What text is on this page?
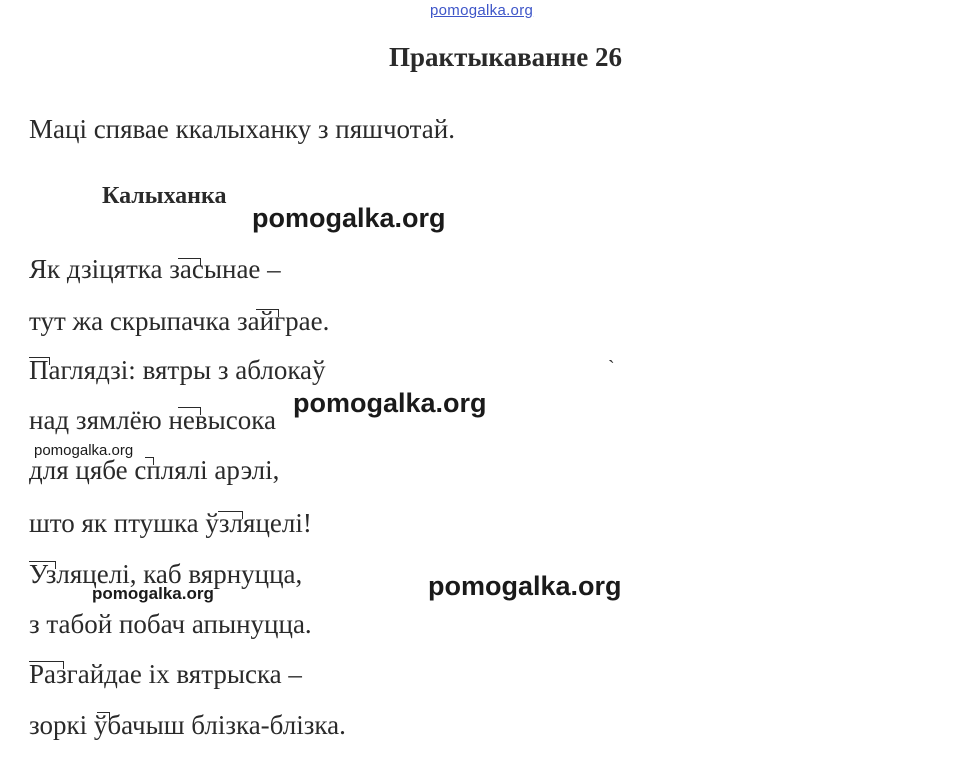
pomogalka.org
Практыкаванне 26
Маці спявае ккалыханку з пяшчотай.
Калыханка
Як дзіцятка засынае –
тут жа скрыпачка зайграе.
Паглядзі: вятры з аблокаў
над зямлёю невысока
для цябе сплялі арэлі,
што як птушка ўзляцелі!
Узляцелі, каб вярнуцца,
з табой побач апынуцца.
Разгайдае іх вятрыска –
зоркі ўбачыш блізка-блізка.
`
pomogalka.org
pomogalka.org
pomogalka.org
pomogalka.org	pomogalka.org
